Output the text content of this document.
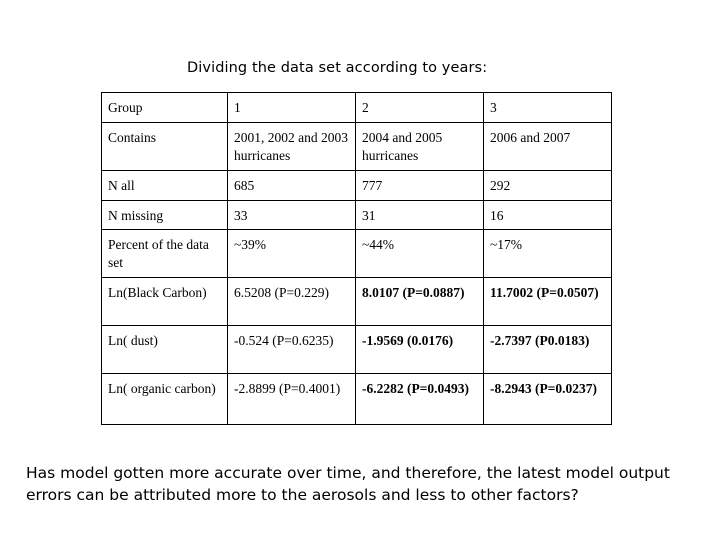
Dividing the data set according to years:
Group	1	2	3
Contains	2001, 2002 and 2003 hurricanes	2004 and 2005 hurricanes	2006 and 2007
N all	685	777	292
N missing	33	31	16
Percent of the data set	~39%	~44%	~17%
Ln(Black Carbon)	6.5208 (P=0.229)	8.0107 (P=0.0887)	11.7002 (P=0.0507)
Ln( dust)	-0.524 (P=0.6235)	-1.9569 (0.0176)	-2.7397 (P0.0183)
Ln( organic carbon)	-2.8899 (P=0.4001)	-6.2282 (P=0.0493)	-8.2943 (P=0.0237)
Has model gotten more accurate over time, and therefore, the latest model output errors can be attributed more to the aerosols and less to other factors?
